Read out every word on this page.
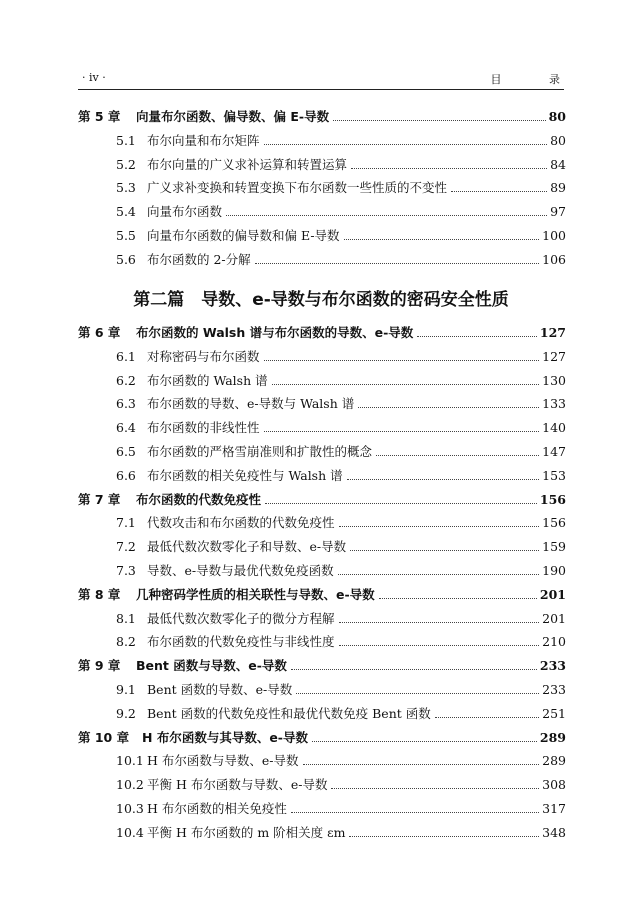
· iv ·	目 录
第 5 章	向量布尔函数、偏导数、偏 E-导数	80
5.1 布尔向量和布尔矩阵	80
5.2 布尔向量的广义求补运算和转置运算	84
5.3 广义求补变换和转置变换下布尔函数一些性质的不变性	89
5.4 向量布尔函数	97
5.5 向量布尔函数的偏导数和偏 E-导数	100
5.6 布尔函数的 2-分解	106
第二篇　导数、e-导数与布尔函数的密码安全性质
第 6 章	布尔函数的 Walsh 谱与布尔函数的导数、e-导数	127
6.1 对称密码与布尔函数	127
6.2 布尔函数的 Walsh 谱	130
6.3 布尔函数的导数、e-导数与 Walsh 谱	133
6.4 布尔函数的非线性性	140
6.5 布尔函数的严格雪崩准则和扩散性的概念	147
6.6 布尔函数的相关免疫性与 Walsh 谱	153
第 7 章	布尔函数的代数免疫性	156
7.1 代数攻击和布尔函数的代数免疫性	156
7.2 最低代数次数零化子和导数、e-导数	159
7.3 导数、e-导数与最优代数免疫函数	190
第 8 章	几种密码学性质的相关联性与导数、e-导数	201
8.1 最低代数次数零化子的微分方程解	201
8.2 布尔函数的代数免疫性与非线性度	210
第 9 章	Bent 函数与导数、e-导数	233
9.1 Bent 函数的导数、e-导数	233
9.2 Bent 函数的代数免疫性和最优代数免疫 Bent 函数	251
第 10 章	H 布尔函数与其导数、e-导数	289
10.1 H 布尔函数与导数、e-导数	289
10.2 平衡 H 布尔函数与导数、e-导数	308
10.3 H 布尔函数的相关免疫性	317
10.4 平衡 H 布尔函数的 m 阶相关度 εm	348
